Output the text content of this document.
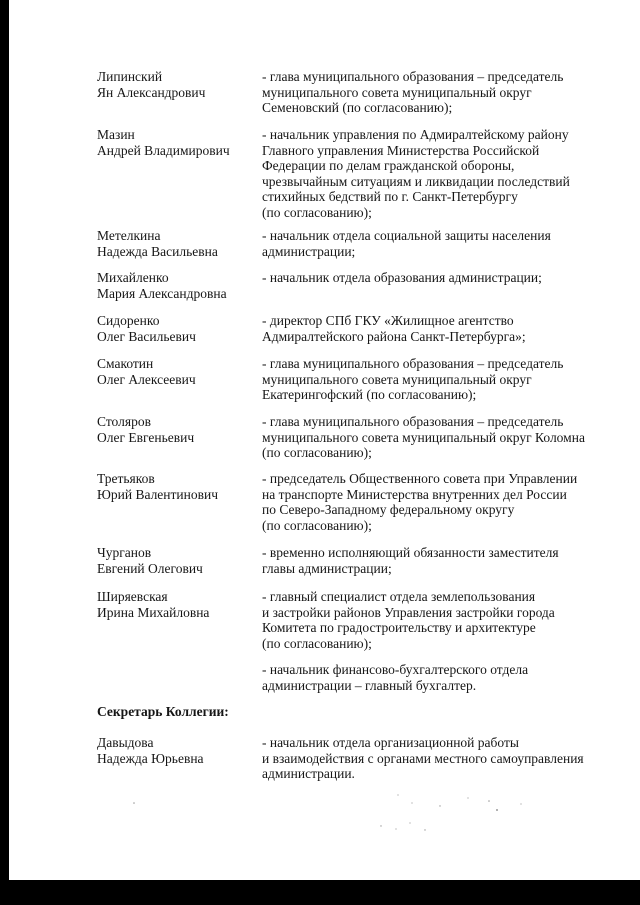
Липинский
Ян Александрович
- глава муниципального образования – председатель
муниципального совета муниципальный округ
Семеновский (по согласованию);
Мазин
Андрей Владимирович
- начальник управления по Адмиралтейскому району
Главного управления Министерства Российской
Федерации по делам гражданской обороны,
чрезвычайным ситуациям и ликвидации последствий
стихийных бедствий по г. Санкт-Петербургу
(по согласованию);
Метелкина
Надежда Васильевна
- начальник отдела социальной защиты населения
администрации;
Михайленко
Мария Александровна
- начальник отдела образования администрации;
Сидоренко
Олег Васильевич
- директор СПб ГКУ «Жилищное агентство
Адмиралтейского района Санкт-Петербурга»;
Смакотин
Олег Алексеевич
- глава муниципального образования – председатель
муниципального совета муниципальный округ
Екатерингофский (по согласованию);
Столяров
Олег Евгеньевич
- глава муниципального образования – председатель
муниципального совета муниципальный округ Коломна
(по согласованию);
Третьяков
Юрий Валентинович
- председатель Общественного совета при Управлении
на транспорте Министерства внутренних дел России
по Северо-Западному федеральному округу
(по согласованию);
Чурганов
Евгений Олегович
- временно исполняющий обязанности заместителя
главы администрации;
Ширяевская
Ирина Михайловна
- главный специалист отдела землепользования
и застройки районов Управления застройки города
Комитета по градостроительству и архитектуре
(по согласованию);
- начальник финансово-бухгалтерского отдела
администрации – главный бухгалтер.
Секретарь Коллегии:
Давыдова
Надежда Юрьевна
- начальник отдела организационной работы
и взаимодействия с органами местного самоуправления
администрации.
